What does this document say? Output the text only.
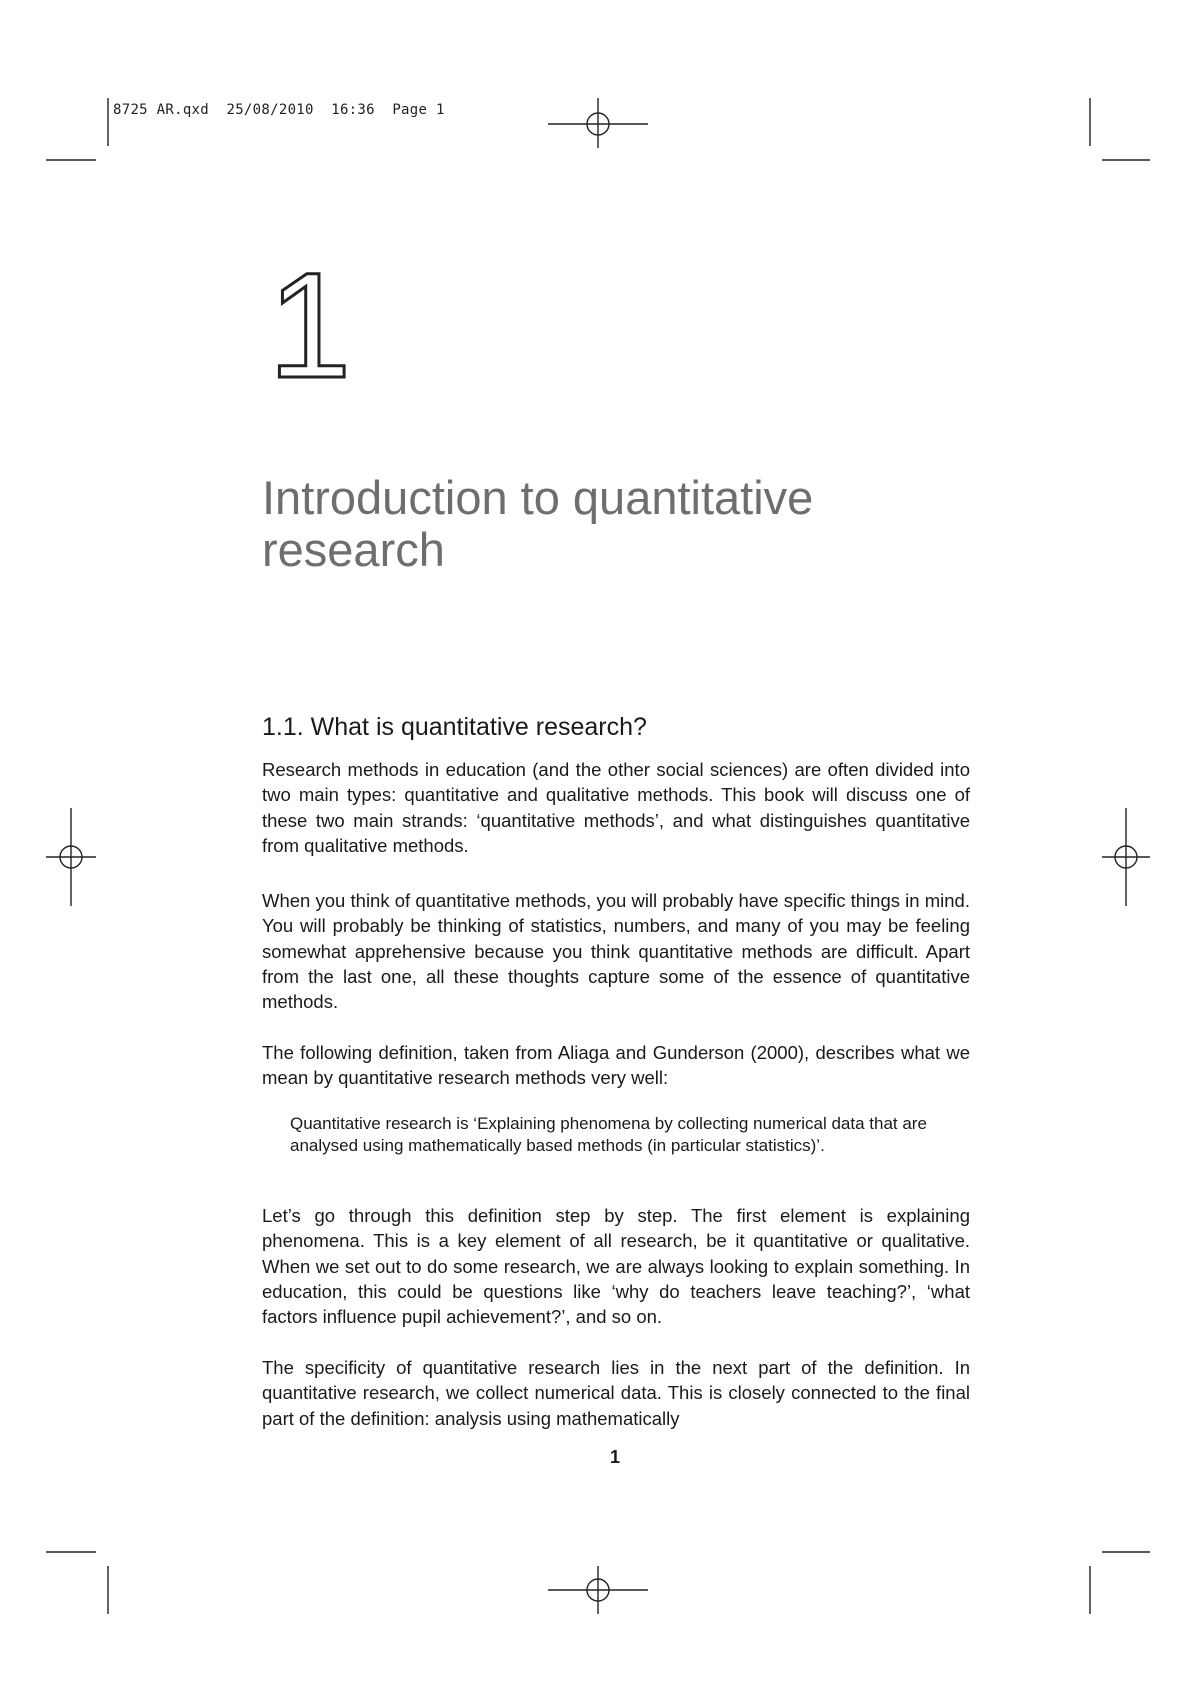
8725 AR.qxd  25/08/2010  16:36  Page 1
1
Introduction to quantitative research
1.1. What is quantitative research?

Research methods in education (and the other social sciences) are often divided into two main types: quantitative and qualitative methods. This book will discuss one of these two main strands: ‘quantitative methods’, and what distinguishes quantitative from qualitative methods.

When you think of quantitative methods, you will probably have specific things in mind. You will probably be thinking of statistics, numbers, and many of you may be feeling somewhat apprehensive because you think quantitative methods are difficult. Apart from the last one, all these thoughts capture some of the essence of quantitative methods.

The following definition, taken from Aliaga and Gunderson (2000), describes what we mean by quantitative research methods very well:

Quantitative research is ‘Explaining phenomena by collecting numerical data that are analysed using mathematically based methods (in particular statistics)’.

Let’s go through this definition step by step. The first element is explaining phenomena. This is a key element of all research, be it quantitative or qualitative. When we set out to do some research, we are always looking to explain something. In education, this could be questions like ‘why do teachers leave teaching?’, ‘what factors influence pupil achievement?’, and so on.

The specificity of quantitative research lies in the next part of the definition. In quantitative research, we collect numerical data. This is closely connected to the final part of the definition: analysis using mathematically

1
